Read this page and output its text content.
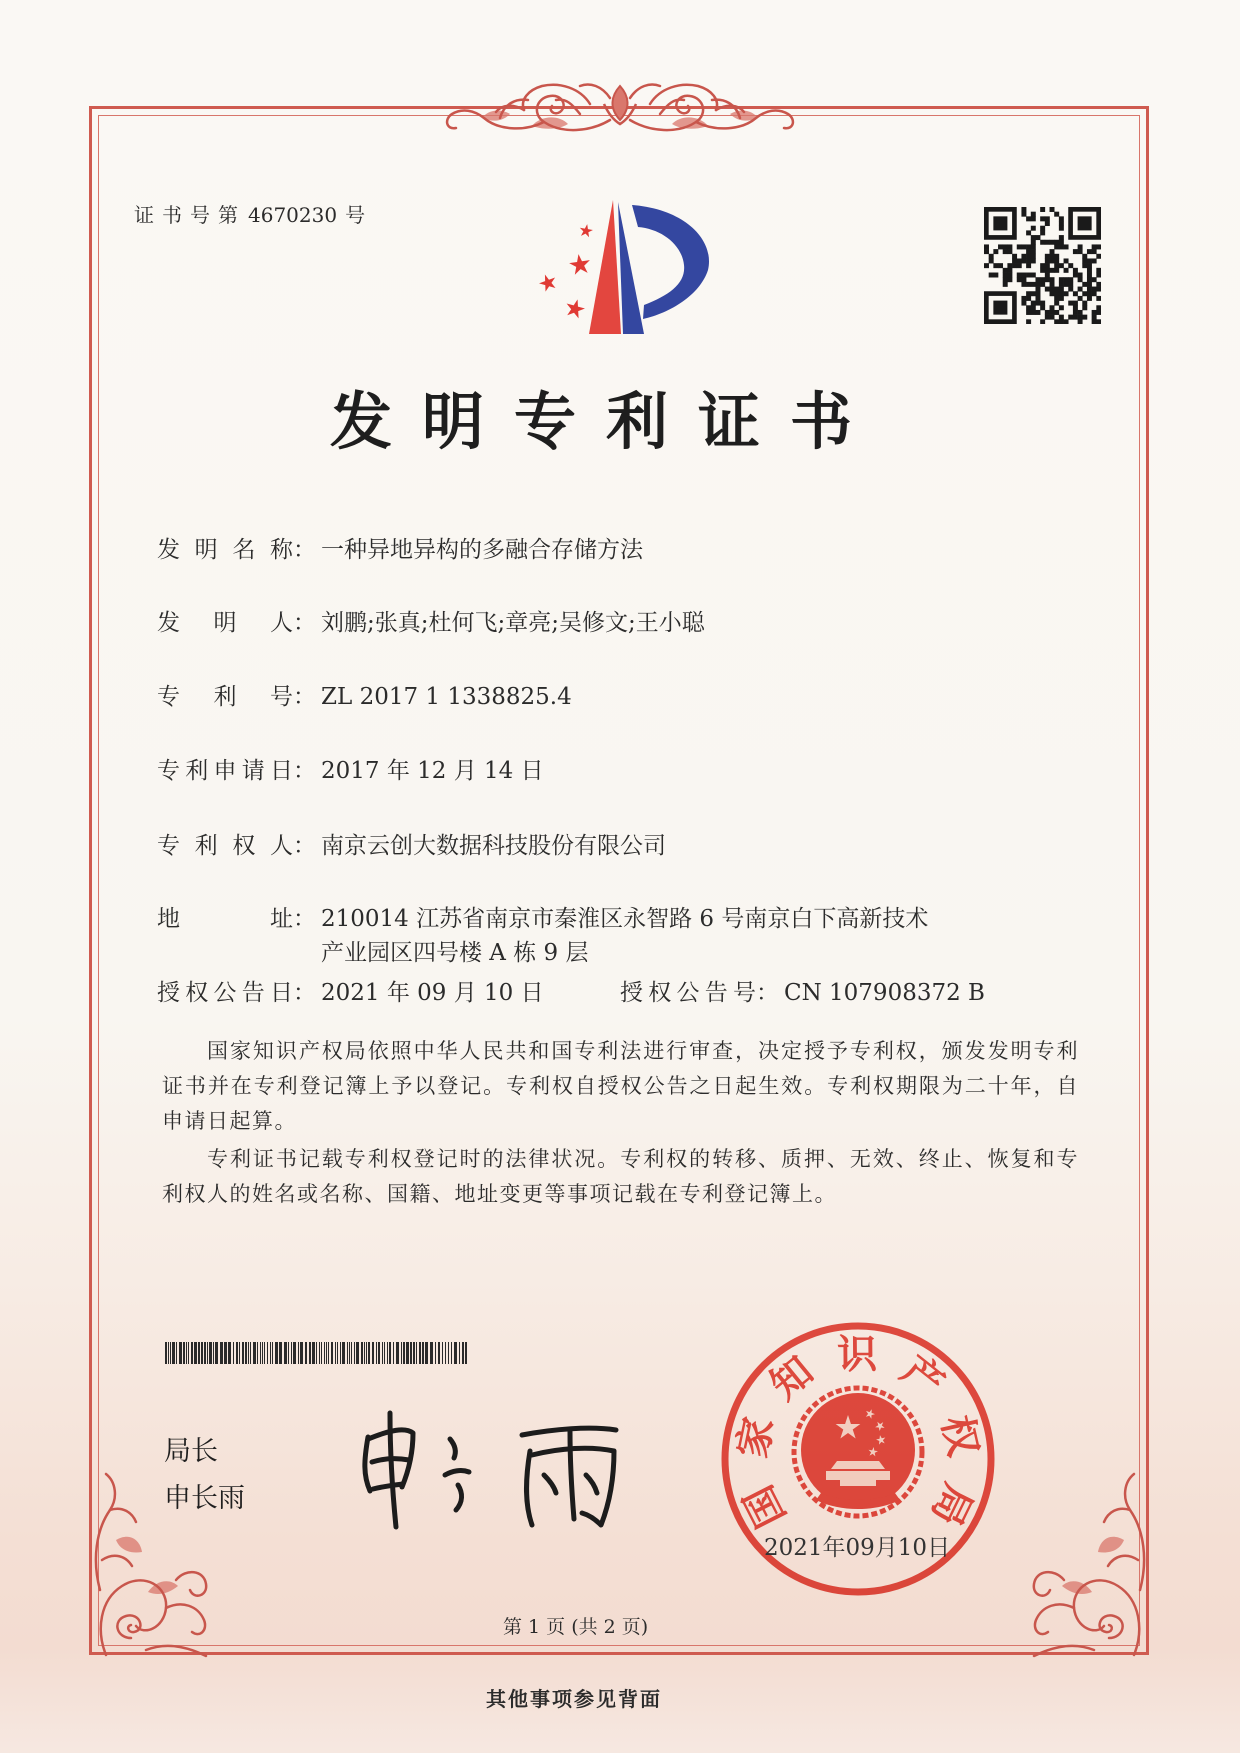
证书号第 4670230 号
发明专利证书
发明名称： 一种异地异构的多融合存储方法
发明人： 刘鹏;张真;杜何飞;章亮;吴修文;王小聪
专利号： ZL 2017 1 1338825.4
专利申请日： 2017 年 12 月 14 日
专利权人： 南京云创大数据科技股份有限公司
地址： 210014 江苏省南京市秦淮区永智路 6 号南京白下高新技术
产业园区四号楼 A 栋 9 层
授权公告日： 2021 年 09 月 10 日	授权公告号： CN 107908372 B
国家知识产权局依照中华人民共和国专利法进行审查，决定授予专利权，颁发发明专利
证书并在专利登记簿上予以登记。专利权自授权公告之日起生效。专利权期限为二十年，自
申请日起算。
专利证书记载专利权登记时的法律状况。专利权的转移、质押、无效、终止、恢复和专
利权人的姓名或名称、国籍、地址变更等事项记载在专利登记簿上。
局长
申长雨	国
家
知 识 产
权
局
2021年09月10日
第 1 页 (共 2 页)
其他事项参见背面
